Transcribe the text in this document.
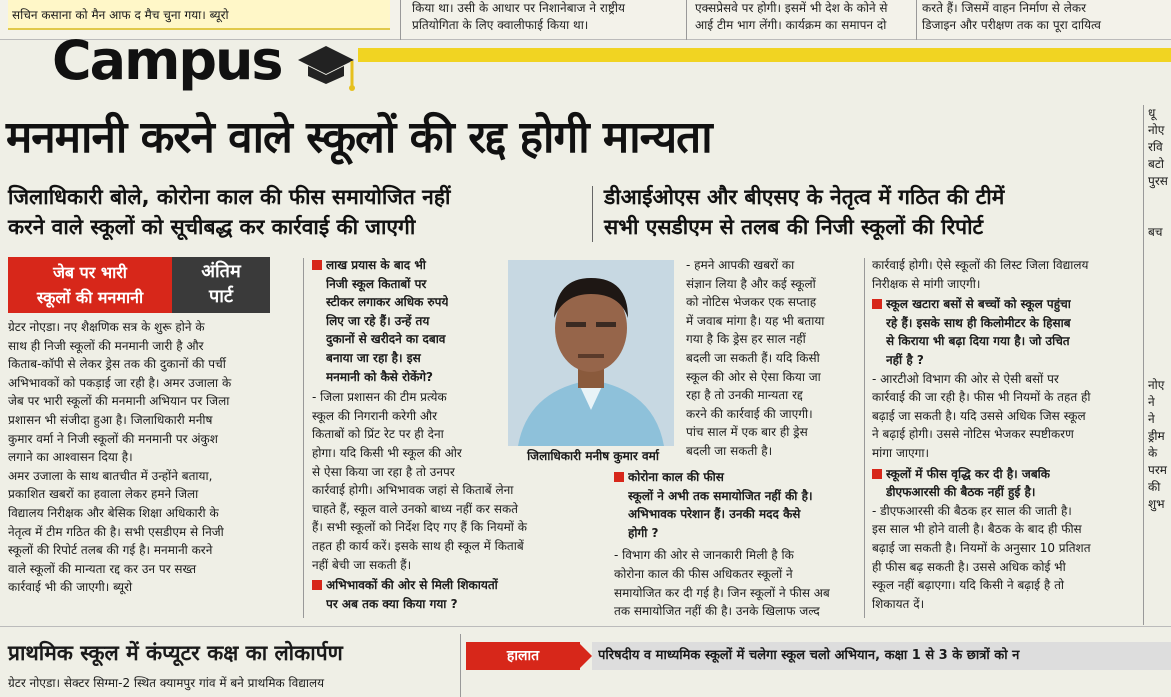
सचिन कसाना को मैन आफ द मैच चुना गया। ब्यूरो	किया था। उसी के आधार पर निशानेबाज ने राष्ट्रीय
प्रतियोगिता के लिए क्वालीफाई किया था।
एक्सप्रेसवे पर होगी। इसमें भी देश के कोने से
आई टीम भाग लेंगी। कार्यक्रम का समापन दो
करते हैं। जिसमें वाहन निर्माण से लेकर
डिजाइन और परीक्षण तक का पूरा दायित्व
Campus
मनमानी करने वाले स्कूलों की रद्द होगी मान्यता
जिलाधिकारी बोले, कोरोना काल की फीस समायोजित नहीं
करने वाले स्कूलों को सूचीबद्ध कर कार्रवाई की जाएगी
डीआईओएस और बीएसए के नेतृत्व में गठित की टीमें
सभी एसडीएम से तलब की निजी स्कूलों की रिपोर्ट
जेब पर भारी
स्कूलों की मनमानी
अंतिम
पार्ट
ग्रेटर नोएडा। नए शैक्षणिक सत्र के शुरू होने के
साथ ही निजी स्कूलों की मनमानी जारी है और
किताब-कॉपी से लेकर ड्रेस तक की दुकानों की पर्ची
अभिभावकों को पकड़ाई जा रही है। अमर उजाला के
जेब पर भारी स्कूलों की मनमानी अभियान पर जिला
प्रशासन भी संजीदा हुआ है। जिलाधिकारी मनीष
कुमार वर्मा ने निजी स्कूलों की मनमानी पर अंकुश
लगाने का आश्वासन दिया है।
अमर उजाला के साथ बातचीत में उन्होंने बताया,
प्रकाशित खबरों का हवाला लेकर हमने जिला
विद्यालय निरीक्षक और बेसिक शिक्षा अधिकारी के
नेतृत्व में टीम गठित की है। सभी एसडीएम से निजी
स्कूलों की रिपोर्ट तलब की गई है। मनमानी करने
वाले स्कूलों की मान्यता रद्द कर उन पर सख्त
कार्रवाई भी की जाएगी। ब्यूरो
लाख प्रयास के बाद भी
निजी स्कूल किताबों पर
स्टीकर लगाकर अधिक रुपये
लिए जा रहे हैं। उन्हें तय
दुकानों से खरीदने का दबाव
बनाया जा रहा है। इस
मनमानी को कैसे रोकेंगे?
- जिला प्रशासन की टीम प्रत्येक
स्कूल की निगरानी करेगी और
किताबों को प्रिंट रेट पर ही देना
होगा। यदि किसी भी स्कूल की ओर
से ऐसा किया जा रहा है तो उनपर
कार्रवाई होगी। अभिभावक जहां से किताबें लेना
चाहते हैं, स्कूल वाले उनको बाध्य नहीं कर सकते
हैं। सभी स्कूलों को निर्देश दिए गए हैं कि नियमों के
तहत ही कार्य करें। इसके साथ ही स्कूल में किताबें
नहीं बेची जा सकती हैं।
अभिभावकों की ओर से मिली शिकायतों
पर अब तक क्या किया गया ?
जिलाधिकारी मनीष कुमार वर्मा
- हमने आपकी खबरों का
संज्ञान लिया है और कई स्कूलों
को नोटिस भेजकर एक सप्ताह
में जवाब मांगा है। यह भी बताया
गया है कि ड्रेस हर साल नहीं
बदली जा सकती हैं। यदि किसी
स्कूल की ओर से ऐसा किया जा
रहा है तो उनकी मान्यता रद्द
करने की कार्रवाई की जाएगी।
पांच साल में एक बार ही ड्रेस
बदली जा सकती है।
कोरोना काल की फीस
स्कूलों ने अभी तक समायोजित नहीं की है।
अभिभावक परेशान हैं। उनकी मदद कैसे
होगी ?
- विभाग की ओर से जानकारी मिली है कि
कोरोना काल की फीस अधिकतर स्कूलों ने
समायोजित कर दी गई है। जिन स्कूलों ने फीस अब
तक समायोजित नहीं की है। उनके खिलाफ जल्द
कार्रवाई होगी। ऐसे स्कूलों की लिस्ट जिला विद्यालय
निरीक्षक से मांगी जाएगी।
स्कूल खटारा बसों से बच्चों को स्कूल पहुंचा
रहे हैं। इसके साथ ही किलोमीटर के हिसाब
से किराया भी बढ़ा दिया गया है। जो उचित
नहीं है ?
- आरटीओ विभाग की ओर से ऐसी बसों पर
कार्रवाई की जा रही है। फीस भी नियमों के तहत ही
बढ़ाई जा सकती है। यदि उससे अधिक जिस स्कूल
ने बढ़ाई होगी। उससे नोटिस भेजकर स्पष्टीकरण
मांगा जाएगा।
स्कूलों में फीस वृद्धि कर दी है। जबकि
डीएफआरसी की बैठक नहीं हुई है।
- डीएफआरसी की बैठक हर साल की जाती है।
इस साल भी होने वाली है। बैठक के बाद ही फीस
बढ़ाई जा सकती है। नियमों के अनुसार 10 प्रतिशत
ही फीस बढ़ सकती है। उससे अधिक कोई भी
स्कूल नहीं बढ़ाएगा। यदि किसी ने बढ़ाई है तो
शिकायत दें।
धू
नोए
रवि
बटो
पुरस

बच

नोए
ने
ने
ड्रीम
के
परम
की
शुभ
प्राथमिक स्कूल में कंप्यूटर कक्ष का लोकार्पण
ग्रेटर नोएडा। सेक्टर सिग्मा-2 स्थित क्यामपुर गांव में बने प्राथमिक विद्यालय
हालात	परिषदीय व माध्यमिक स्कूलों में चलेगा स्कूल चलो अभियान, कक्षा 1 से 3 के छात्रों को न
